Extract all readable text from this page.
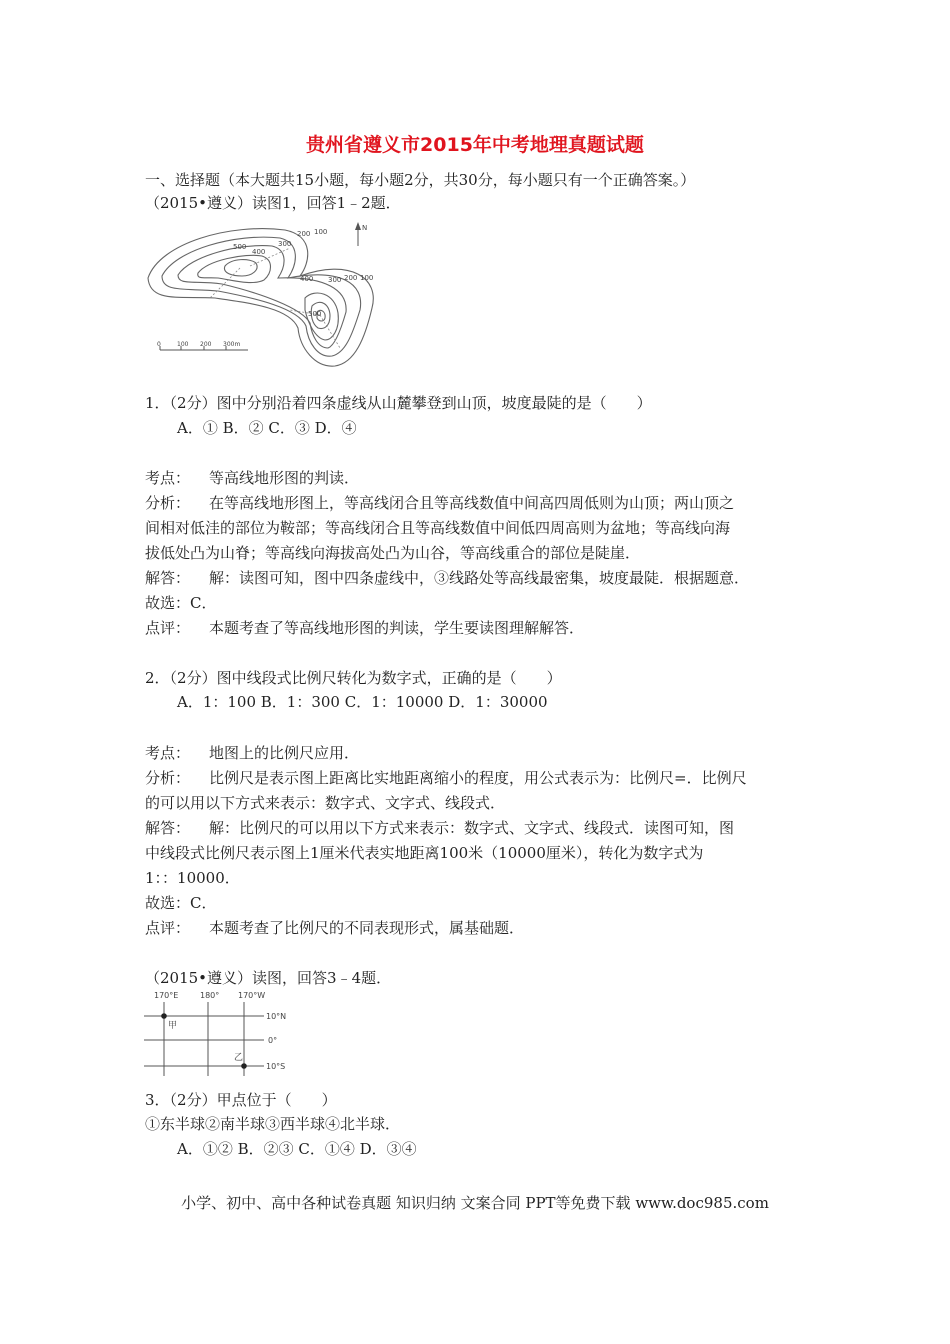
贵州省遵义市2015年中考地理真题试题
一、选择题（本大题共15小题，每小题2分，共30分，每小题只有一个正确答案。）
（2015•遵义）读图1，回答1﹣2题．
500
400
300
200 100
400 300 200 100
500
N
0	100 200 300m
1．（2分）图中分别沿着四条虚线从山麓攀登到山顶，坡度最陡的是（　　）
A．① B．② C．③ D．④
考点： 等高线地形图的判读．
分析： 在等高线地形图上，等高线闭合且等高线数值中间高四周低则为山顶；两山顶之
间相对低洼的部位为鞍部；等高线闭合且等高线数值中间低四周高则为盆地；等高线向海
拔低处凸为山脊；等高线向海拔高处凸为山谷，等高线重合的部位是陡崖．
解答： 解：读图可知，图中四条虚线中，③线路处等高线最密集，坡度最陡．根据题意．
故选：C．
点评： 本题考查了等高线地形图的判读，学生要读图理解解答．
2．（2分）图中线段式比例尺转化为数字式，正确的是（　　）
A．1：100 B．1：300 C．1：10000 D．1：30000
考点： 地图上的比例尺应用．
分析： 比例尺是表示图上距离比实地距离缩小的程度，用公式表示为：比例尺=．比例尺
的可以用以下方式来表示：数字式、文字式、线段式．
解答： 解：比例尺的可以用以下方式来表示：数字式、文字式、线段式．读图可知，图
中线段式比例尺表示图上1厘米代表实地距离100米（10000厘米），转化为数字式为
1：：10000．
故选：C．
点评： 本题考查了比例尺的不同表现形式，属基础题．
（2015•遵义）读图，回答3﹣4题．
170°E	180° 170°W
10°N
0°
10°S
甲
乙
3．（2分）甲点位于（　　）
①东半球②南半球③西半球④北半球．
A．①② B．②③ C．①④ D．③④
小学、初中、高中各种试卷真题 知识归纳 文案合同 PPT等免费下载 www.doc985.com
